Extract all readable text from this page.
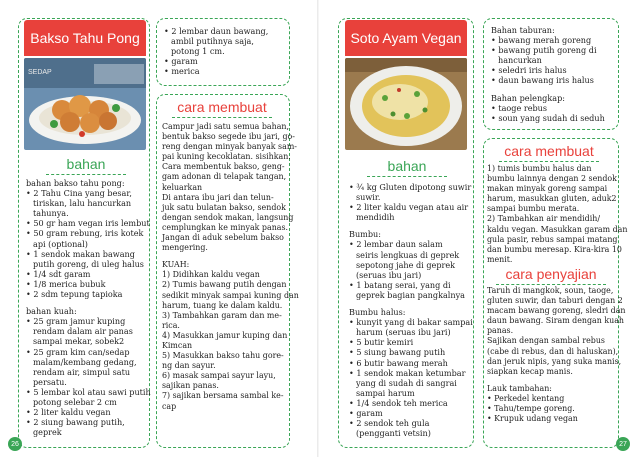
Bakso Tahu Pong
SEDAP
bahan
bahan bakso tahu pong:
• 2 Tahu Cina yang besar,
tiriskan, lalu hancurkan
tahunya.
• 50 gr ham vegan iris lembut
• 50 gram rebung, iris kotek
api (optional)
• 1 sendok makan bawang
putih goreng, di uleg halus
• 1/4 sdt garam
• 1/8 merica bubuk
• 2 sdm tepung tapioka
bahan kuah:
• 25 gram jamur kuping
rendam dalam air panas
sampai mekar, sobek2
• 25 gram kim can/sedap
malam/kembang gedang,
rendam air, simpul satu
persatu.
• 5 lembar kol atau sawi putih
potong selebar 2 cm
• 2 liter kaldu vegan
• 2 siung bawang putih,
geprek
• 2 lembar daun bawang,
ambil putihnya saja,
potong 1 cm.
• garam
• merica
cara membuat
Campur jadi satu semua bahan,
bentuk bakso segede ibu jari, go-
reng dengan minyak banyak sam-
pai kuning kecoklatan. sisihkan.
Cara membentuk bakso, geng-
gam adonan di telapak tangan,
keluarkan
Di antara ibu jari dan telun-
juk satu bulatan bakso, sendok
dengan sendok makan, langsung
cemplungkan ke minyak panas.
Jangan di aduk sebelum bakso
mengering.
KUAH:
1) Didihkan kaldu vegan
2) Tumis bawang putih dengan
sedikit minyak sampai kuning dan
harum, tuang ke dalam kaldu.
3) Tambahkan garam dan me-
rica.
4) Masukkan jamur kuping dan
Kimcan
5) Masukkan bakso tahu gore-
ng dan sayur.
6) masak sampai sayur layu,
sajikan panas.
7) sajikan bersama sambal ke-
cap
26
Soto Ayam Vegan
bahan
• ¾ kg Gluten dipotong suwir
suwir.
• 2 liter kaldu vegan atau air
mendidih
Bumbu:
• 2 lembar daun salam
seiris lengkuas di geprek
sepotong jahe di geprek
(seruas ibu jari)
• 1 batang serai, yang di
geprek bagian pangkalnya
Bumbu halus:
• kunyit yang di bakar sampai
harum (seruas ibu jari)
• 5 butir kemiri
• 5 siung bawang putih
• 6 butir bawang merah
• 1 sendok makan ketumbar
yang di sudah di sangrai
sampai harum
• 1/4 sendok teh merica
• garam
• 2 sendok teh gula
(pengganti vetsin)
Bahan taburan:
• bawang merah goreng
• bawang putih goreng di
hancurkan
• seledri iris halus
• daun bawang iris halus
Bahan pelengkap:
• taoge rebus
• soun yang sudah di seduh
cara membuat
1) tumis bumbu halus dan
bumbu lainnya dengan 2 sendok
makan minyak goreng sampai
harum, masukkan gluten, aduk2
sampai bumbu merata.
2) Tambahkan air mendidih/
kaldu vegan. Masukkan garam dan
gula pasir, rebus sampai matang
dan bumbu meresap. Kira-kira 10
menit.
cara penyajian
Taruh di mangkok, soun, taoge,
gluten suwir, dan taburi dengan 2
macam bawang goreng, sledri dan
daun bawang. Siram dengan kuah
panas.
Sajikan dengan sambal rebus
(cabe di rebus, dan di haluskan),
dan jeruk nipis, yang suka manis,
siapkan kecap manis.
Lauk tambahan:
• Perkedel kentang
• Tahu/tempe goreng.
• Krupuk udang vegan
27
